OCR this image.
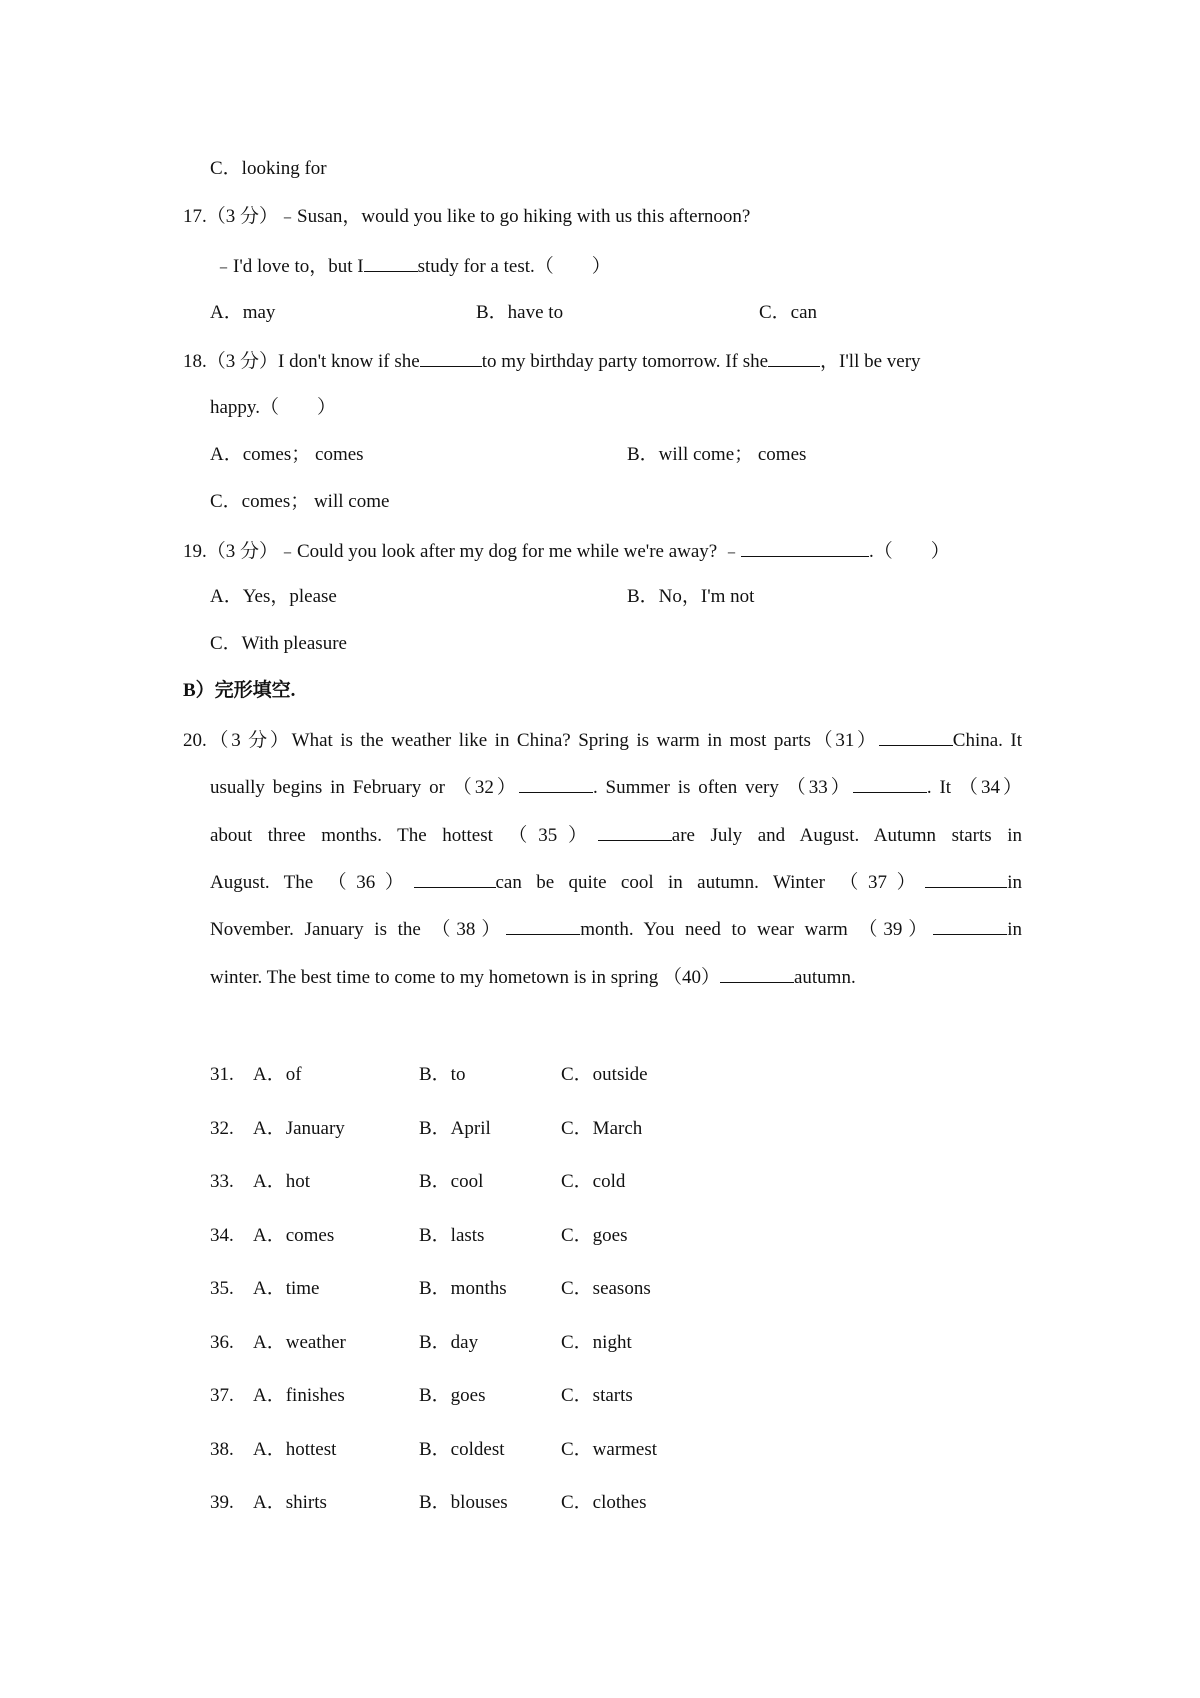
C．looking for
17.（3 分）﹣Susan，would you like to go hiking with us this afternoon?
﹣I'd love to，but I	study for a test.（　　）
A．may	B．have to	C．can
18.（3 分）I don't know if she	to my birthday party tomorrow. If she	，I'll be very
happy.（　　）
A．comes； comes	B．will come； comes
C．comes； will come
19.（3 分）﹣Could you look after my dog for me while we're away? ﹣	.（　　）
A．Yes，please	B．No，I'm not
C．With pleasure
B）完形填空.
20.（3 分）What is the weather like in China? Spring is warm in most parts（31）	China. It
usually begins in February or （32）	. Summer is often very （33）	. It （34）
about three months. The hottest （35）	are July and August. Autumn starts in
August. The （36）	can be quite cool in autumn. Winter （37）	in
November. January is the （38）	month. You need to wear warm （39）	in
winter. The best time to come to my hometown is in spring （40）	autumn.
31. A．of	B．to	C．outside
32. A．January	B．April	C．March
33. A．hot	B．cool	C．cold
34. A．comes	B．lasts	C．goes
35. A．time	B．months	C．seasons
36. A．weather	B．day	C．night
37. A．finishes	B．goes	C．starts
38. A．hottest	B．coldest	C．warmest
39. A．shirts	B．blouses	C．clothes
